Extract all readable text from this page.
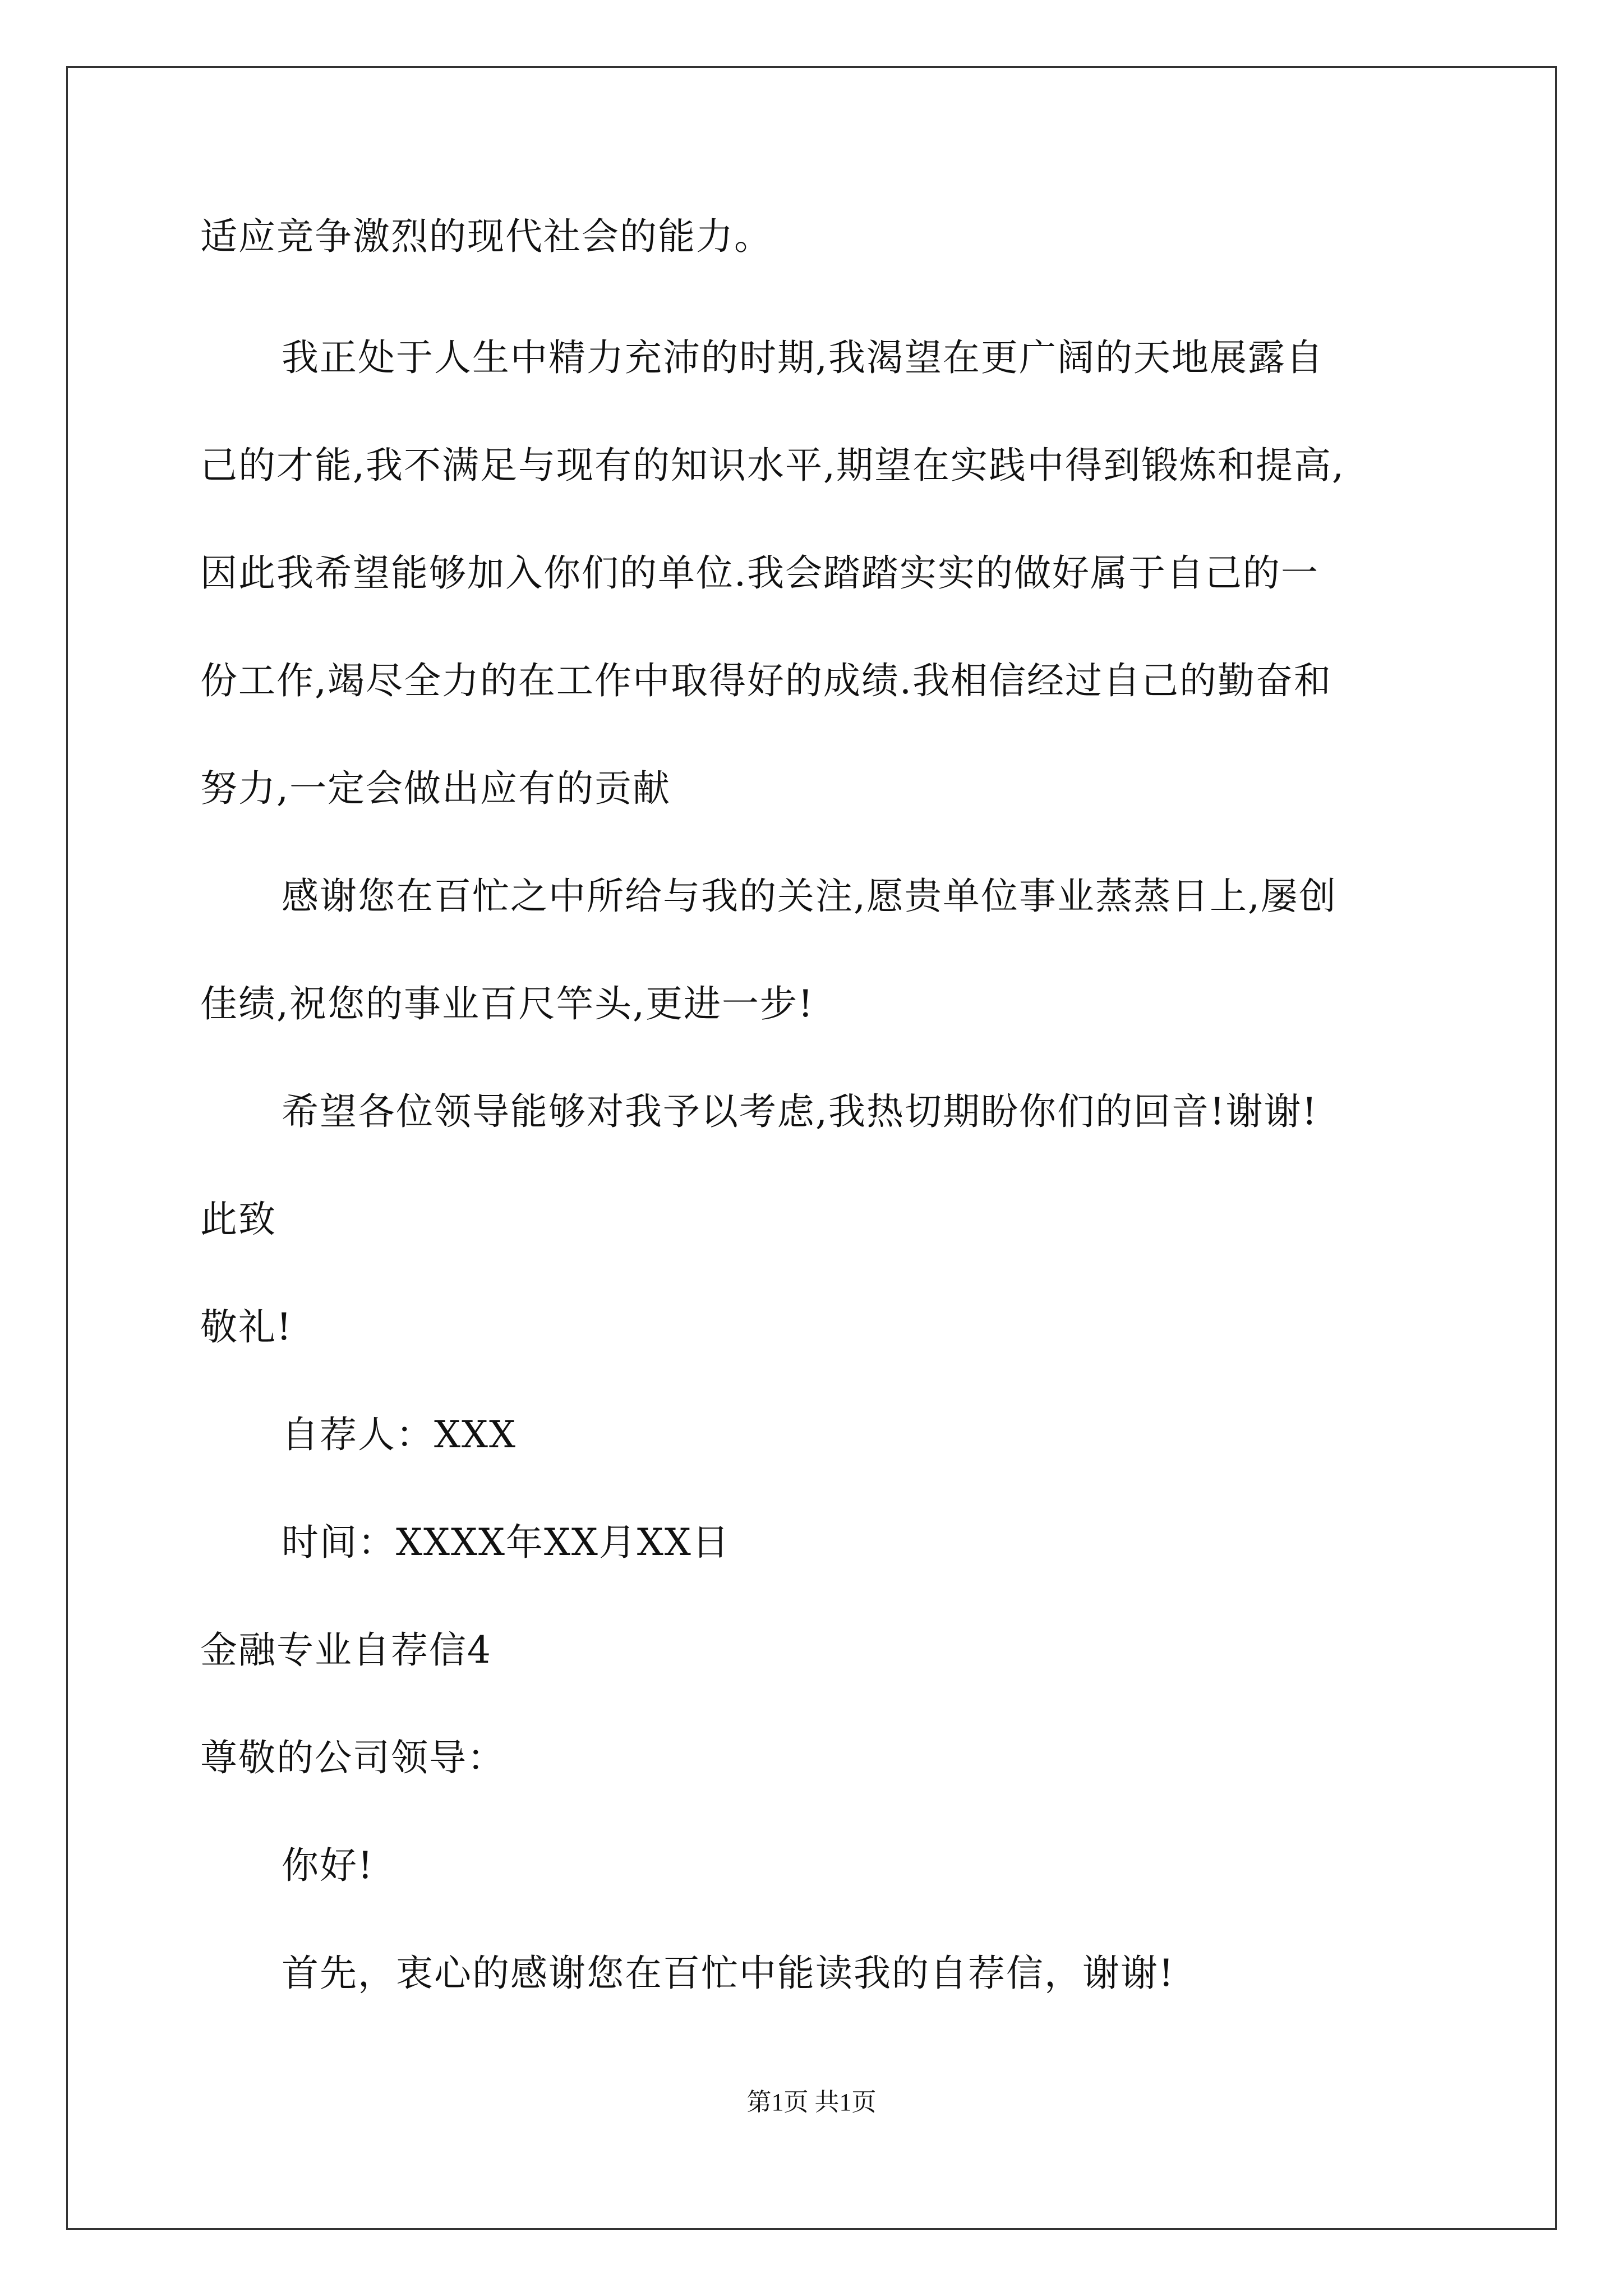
适应竞争激烈的现代社会的能力。
我正处于人生中精力充沛的时期,我渴望在更广阔的天地展露自
己的才能,我不满足与现有的知识水平,期望在实践中得到锻炼和提高,
因此我希望能够加入你们的单位.我会踏踏实实的做好属于自己的一
份工作,竭尽全力的在工作中取得好的成绩.我相信经过自己的勤奋和
努力,一定会做出应有的贡献
感谢您在百忙之中所给与我的关注,愿贵单位事业蒸蒸日上,屡创
佳绩,祝您的事业百尺竿头,更进一步!
希望各位领导能够对我予以考虑,我热切期盼你们的回音!谢谢!
此致
敬礼!
自荐人：XXX
时间：XXXX年XX月XX日
金融专业自荐信4
尊敬的公司领导：
你好!
首先，衷心的感谢您在百忙中能读我的自荐信，谢谢!
第1页 共1页
